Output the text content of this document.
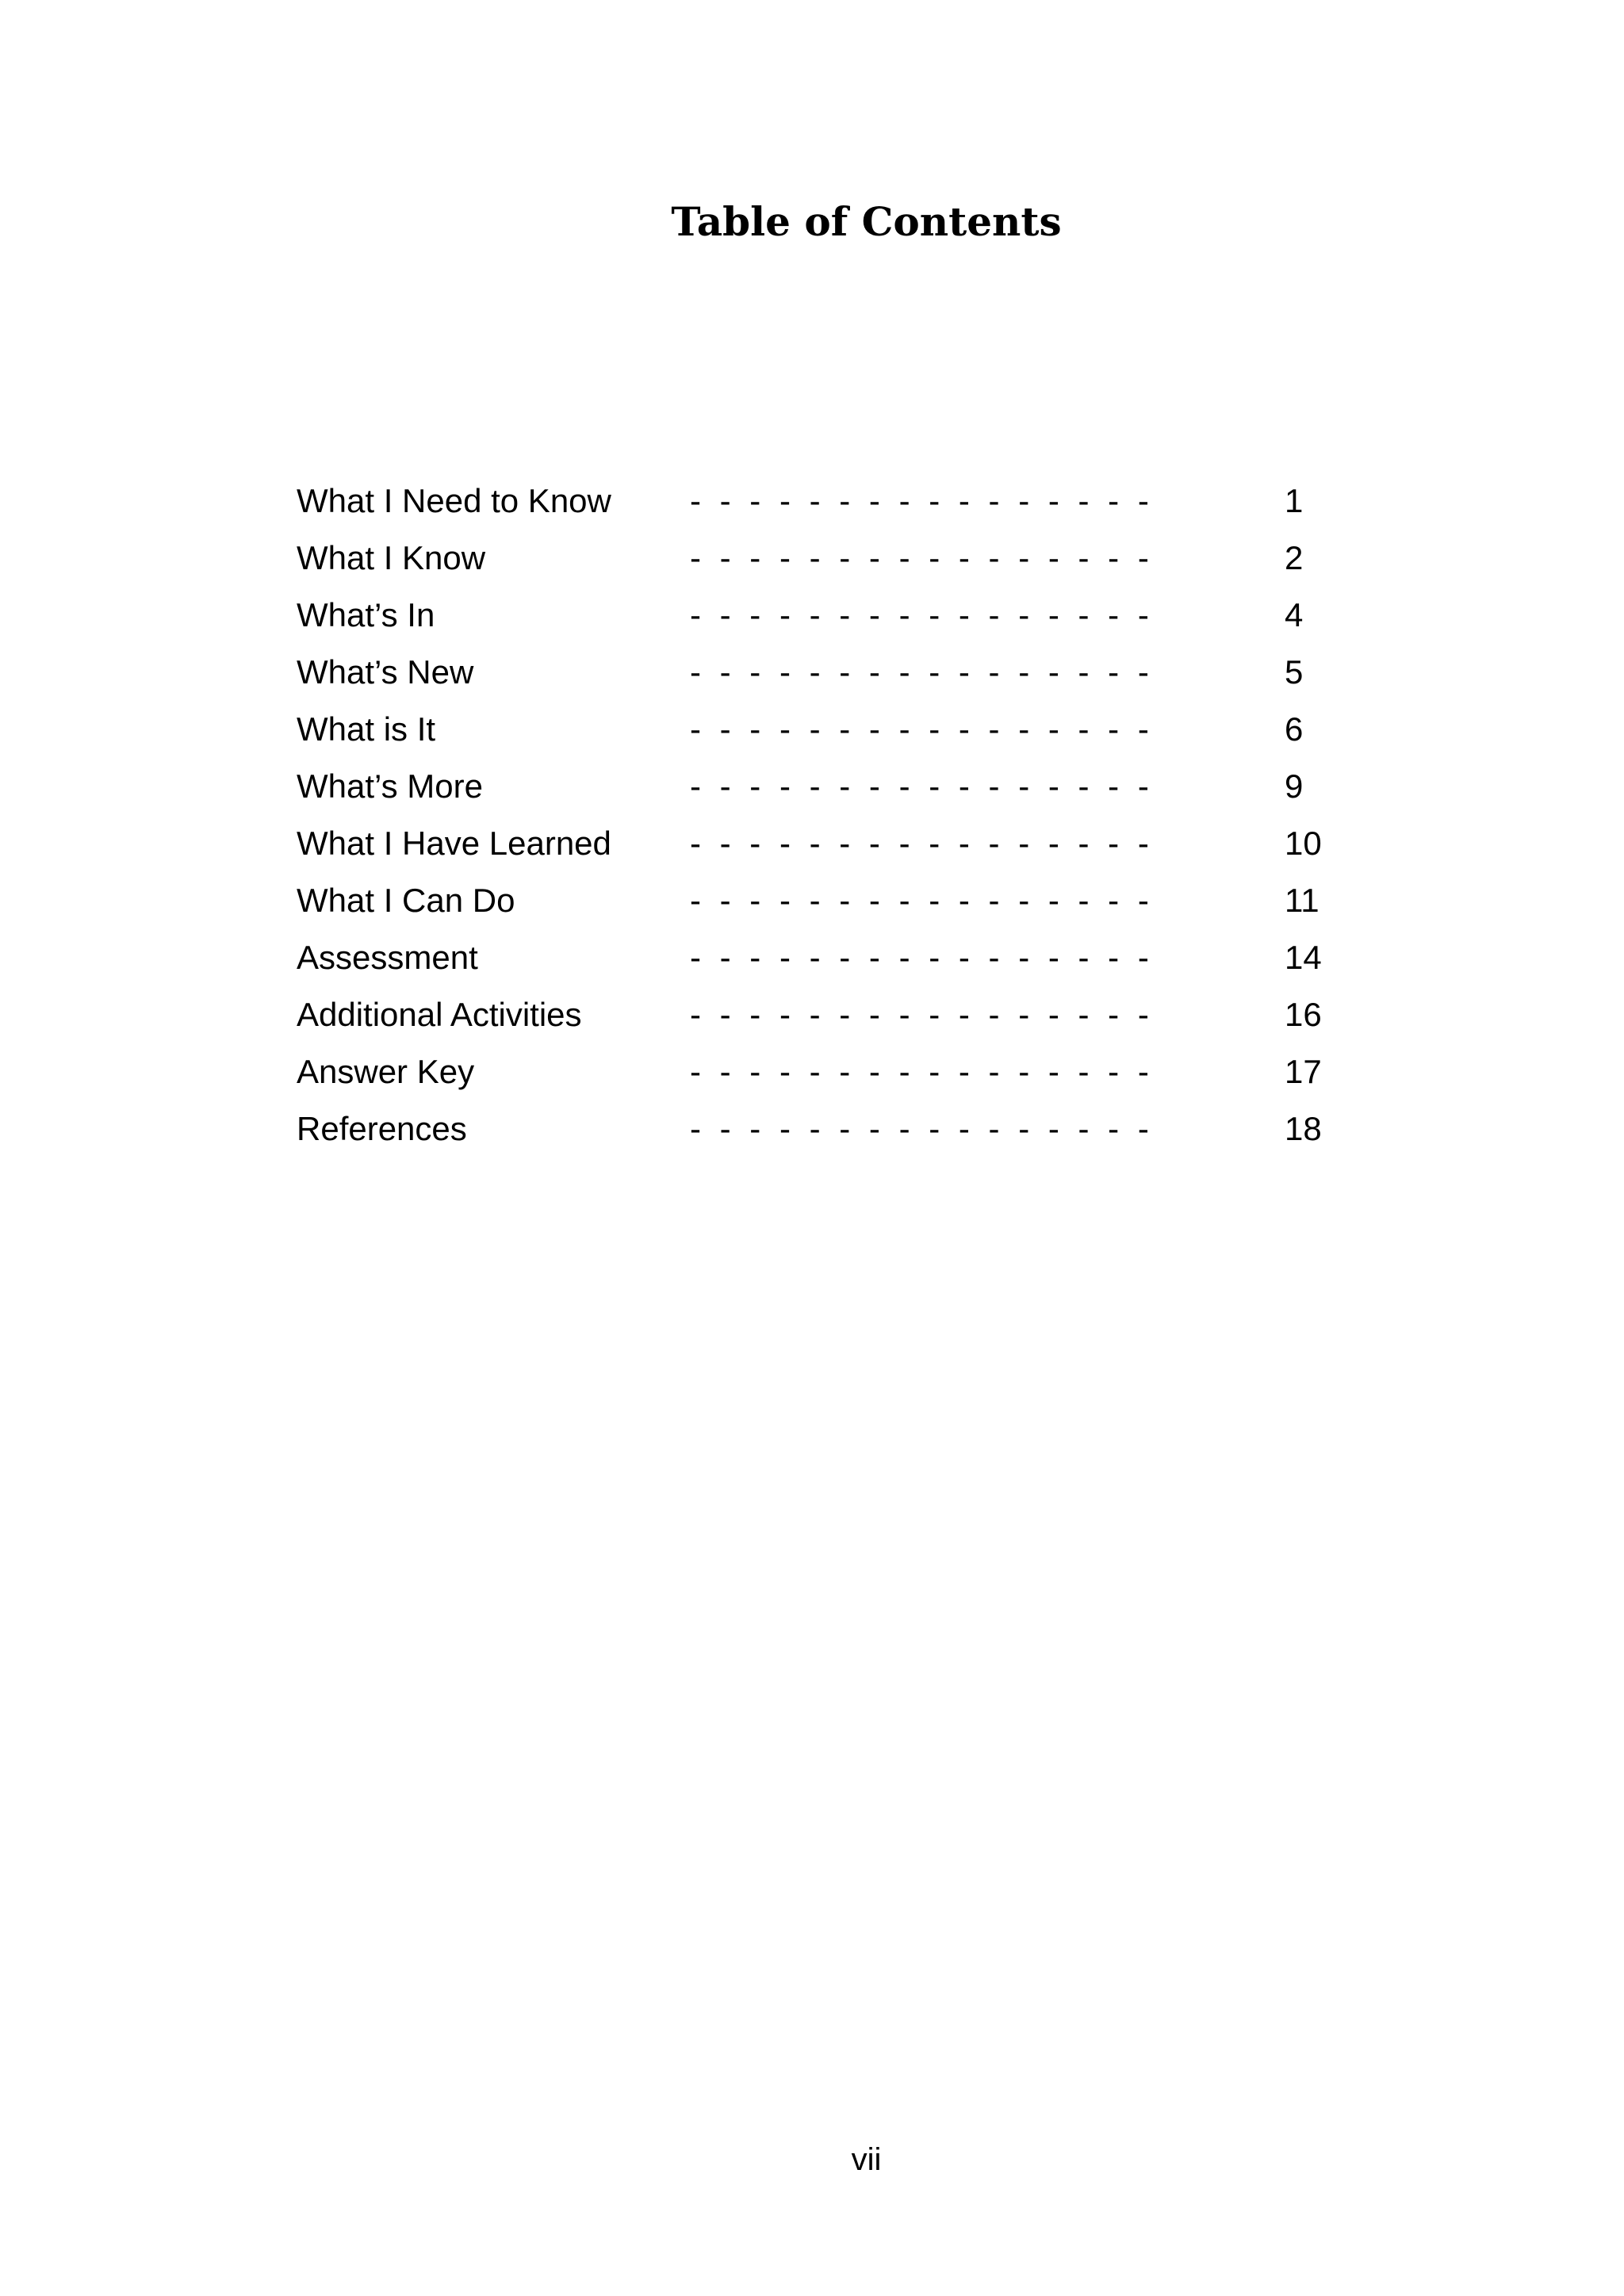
Table of Contents
What I Need to Know - - - - - - - - - - - - - - - -	1
What I Know	- - - - - - - - - - - - - - - -	2
What’s In	- - - - - - - - - - - - - - - -	4
What’s New	- - - - - - - - - - - - - - - -	5
What is It	- - - - - - - - - - - - - - - -	6
What’s More	- - - - - - - - - - - - - - - -	9
What I Have Learned - - - - - - - - - - - - - - - -	10
What I Can Do	- - - - - - - - - - - - - - - -	11
Assessment	- - - - - - - - - - - - - - - -	14
Additional Activities	- - - - - - - - - - - - - - - -	16
Answer Key	- - - - - - - - - - - - - - - -	17
References	- - - - - - - - - - - - - - - -	18
vii
